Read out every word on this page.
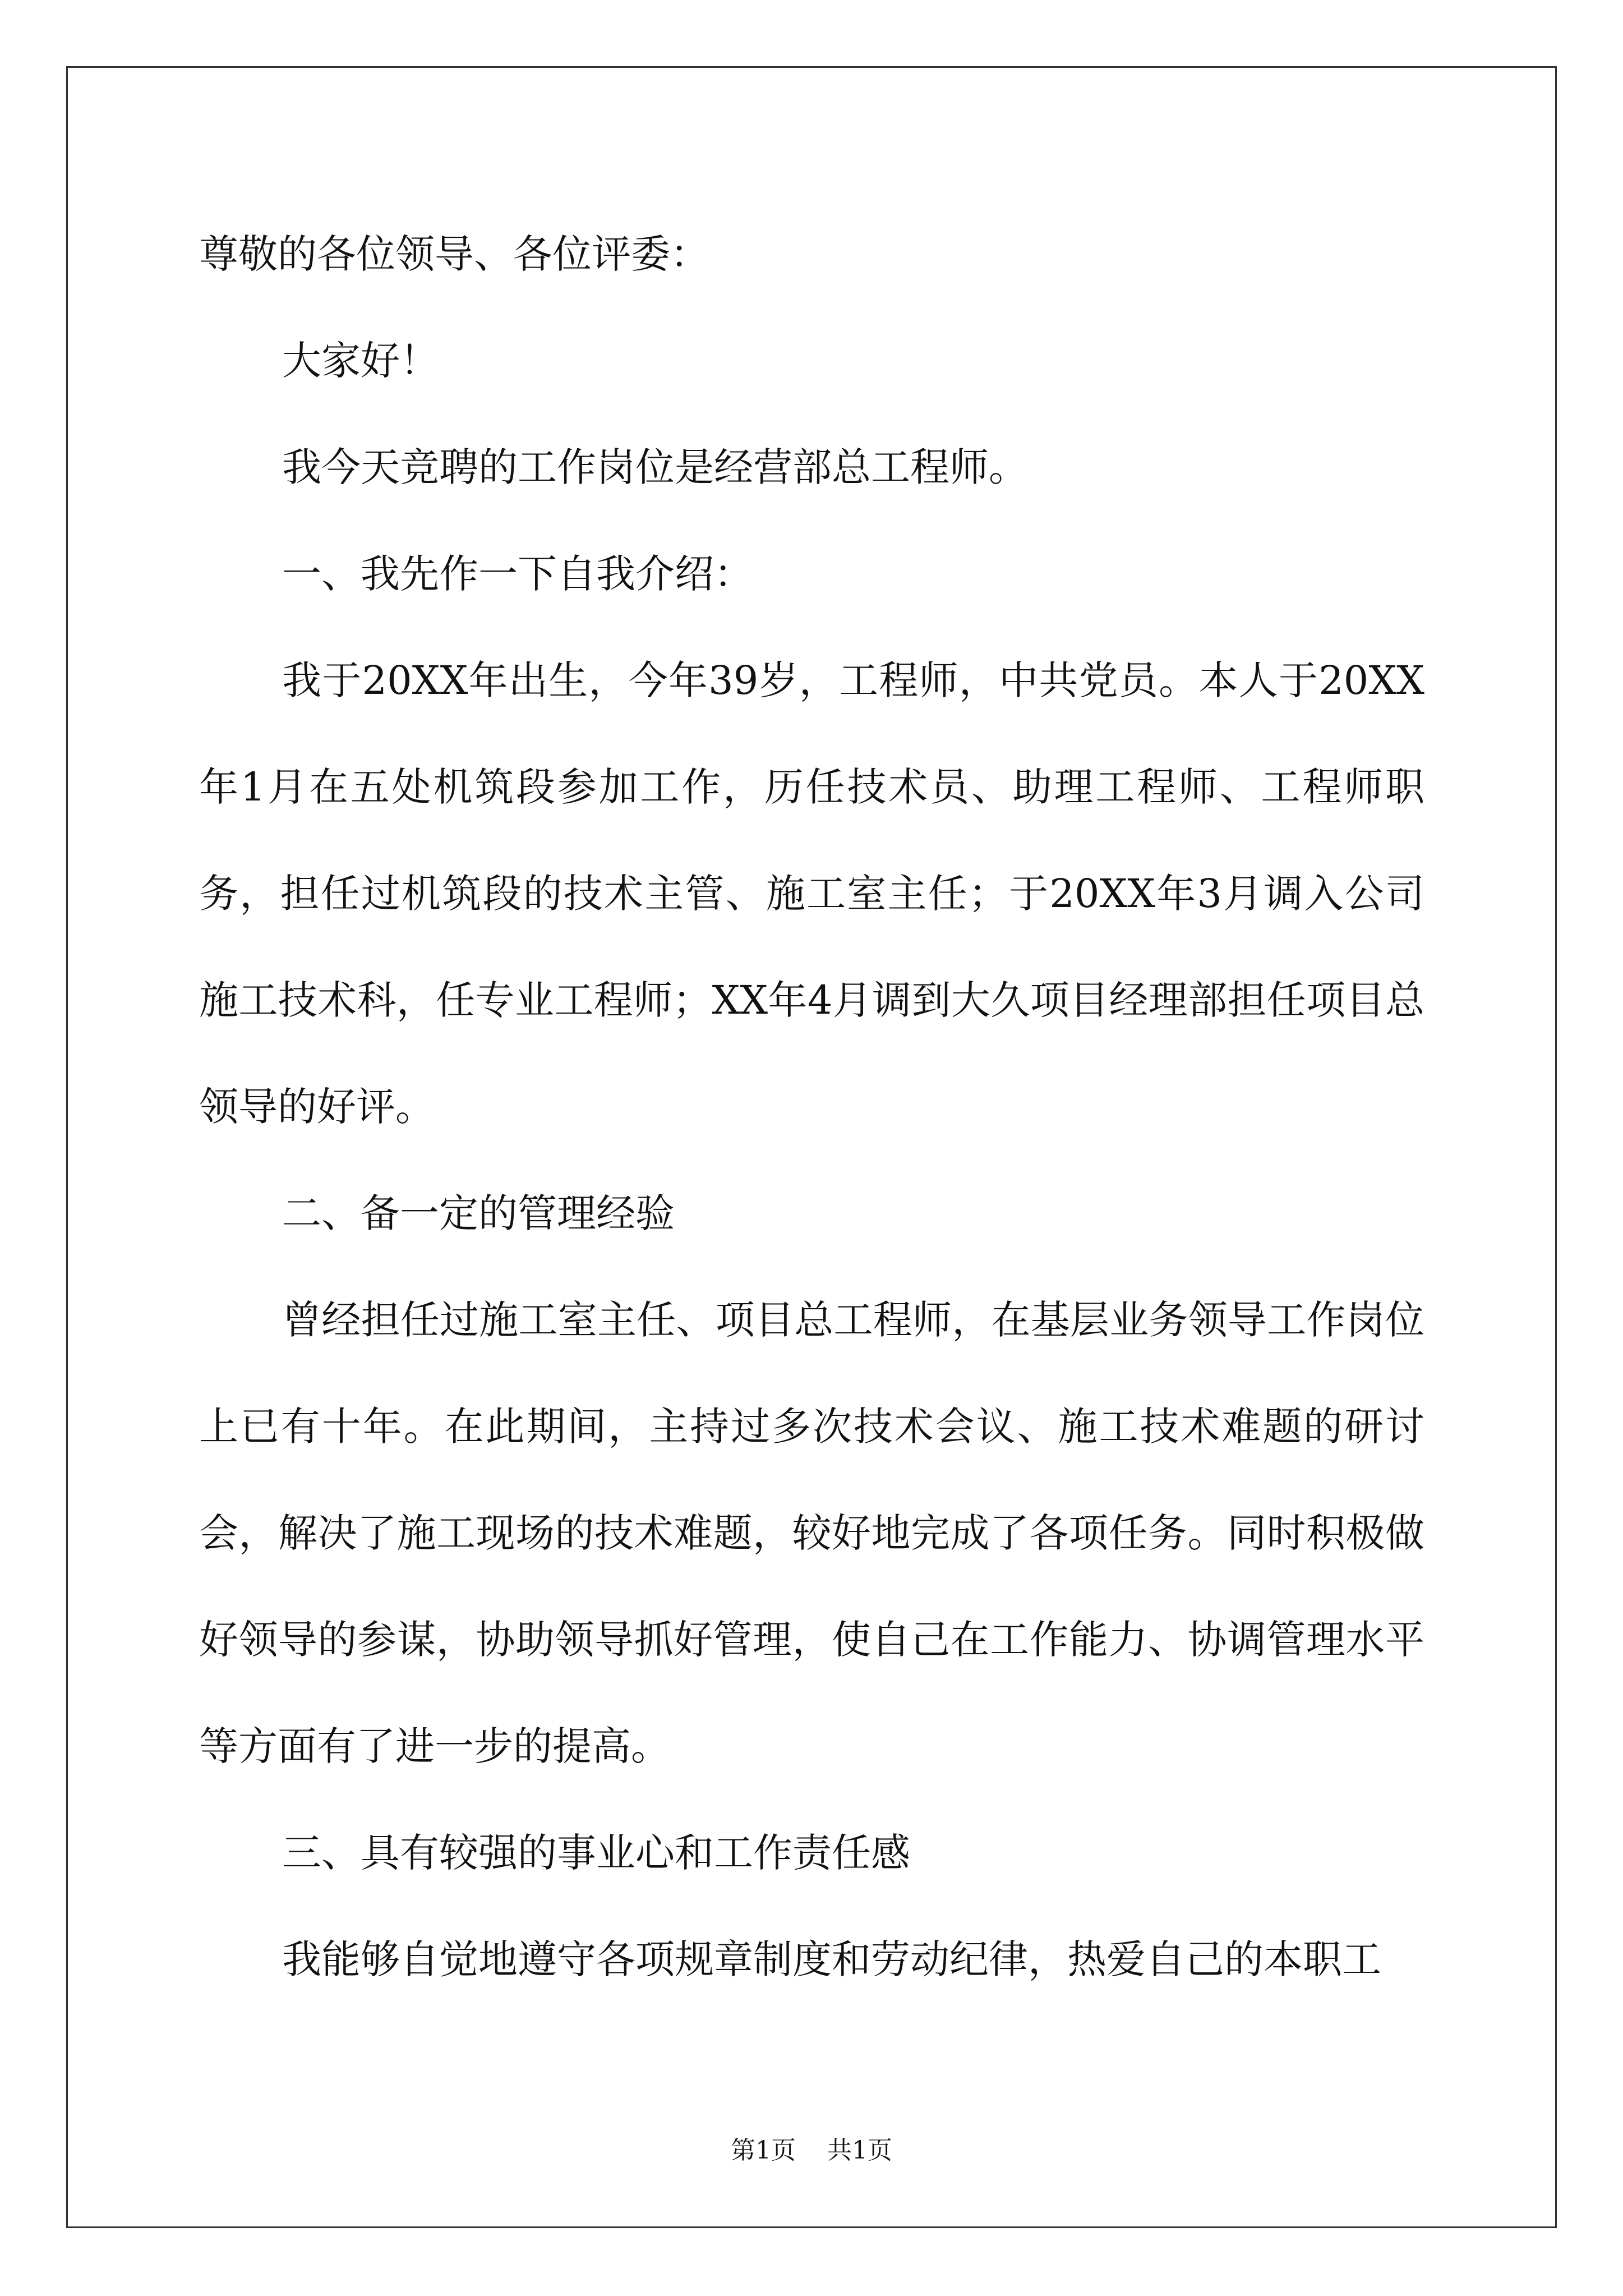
尊敬的各位领导、各位评委：

大家好！

我今天竞聘的工作岗位是经营部总工程师。

一、我先作一下自我介绍：

我于20XX年出生，今年39岁，工程师，中共党员。本人于20XX年1月在五处机筑段参加工作，历任技术员、助理工程师、工程师职务，担任过机筑段的技术主管、施工室主任；于20XX年3月调入公司施工技术科，任专业工程师；XX年4月调到大久项目经理部担任项目总领导的好评。

二、备一定的管理经验

曾经担任过施工室主任、项目总工程师，在基层业务领导工作岗位上已有十年。在此期间，主持过多次技术会议、施工技术难题的研讨会，解决了施工现场的技术难题，较好地完成了各项任务。同时积极做好领导的参谋，协助领导抓好管理，使自己在工作能力、协调管理水平等方面有了进一步的提高。

三、具有较强的事业心和工作责任感

我能够自觉地遵守各项规章制度和劳动纪律，热爱自己的本职工

第1页    共1页
